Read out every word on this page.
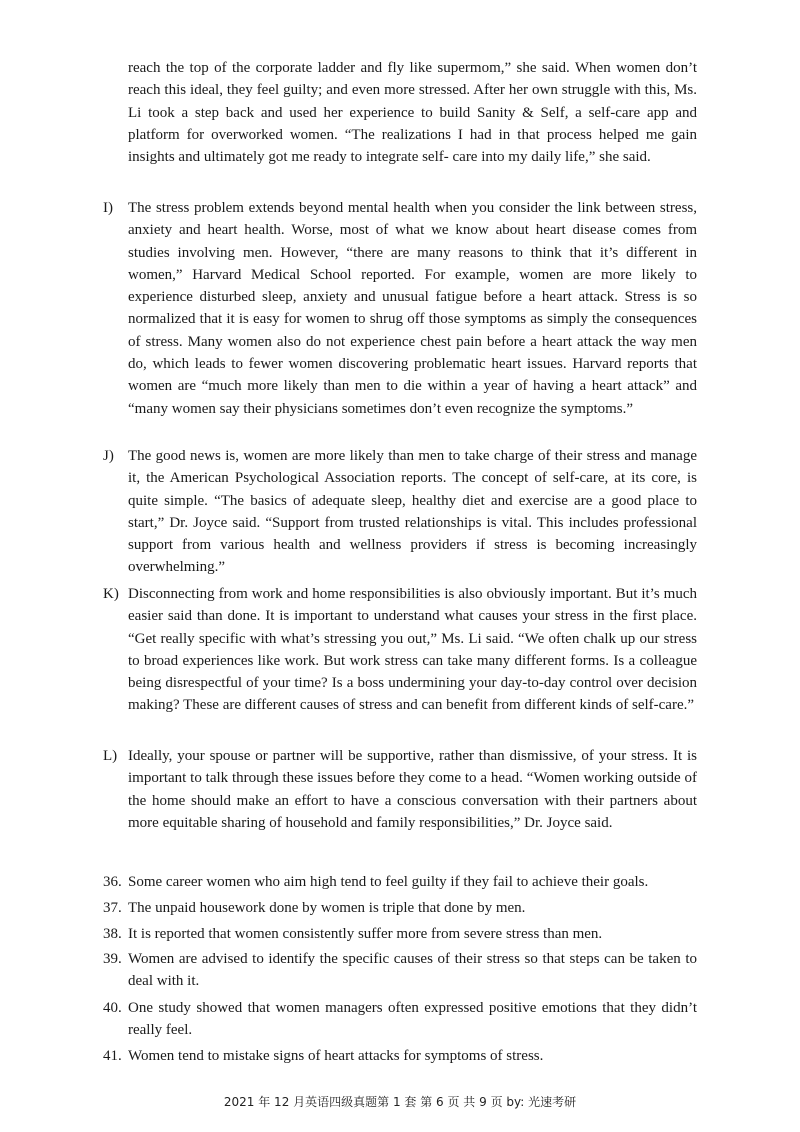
reach the top of the corporate ladder and fly like supermom,” she said. When women don’t reach this ideal, they feel guilty; and even more stressed. After her own struggle with this, Ms. Li took a step back and used her experience to build Sanity & Self, a self-care app and platform for overworked women. “The realizations I had in that process helped me gain insights and ultimately got me ready to integrate self- care into my daily life,” she said.
I) The stress problem extends beyond mental health when you consider the link between stress, anxiety and heart health. Worse, most of what we know about heart disease comes from studies involving men. However, “there are many reasons to think that it’s different in women,” Harvard Medical School reported. For example, women are more likely to experience disturbed sleep, anxiety and unusual fatigue before a heart attack. Stress is so normalized that it is easy for women to shrug off those symptoms as simply the consequences of stress. Many women also do not experience chest pain before a heart attack the way men do, which leads to fewer women discovering problematic heart issues. Harvard reports that women are “much more likely than men to die within a year of having a heart attack” and “many women say their physicians sometimes don’t even recognize the symptoms.”
J) The good news is, women are more likely than men to take charge of their stress and manage it, the American Psychological Association reports. The concept of self-care, at its core, is quite simple. “The basics of adequate sleep, healthy diet and exercise are a good place to start,” Dr. Joyce said. “Support from trusted relationships is vital. This includes professional support from various health and wellness providers if stress is becoming increasingly overwhelming.”
K) Disconnecting from work and home responsibilities is also obviously important. But it’s much easier said than done. It is important to understand what causes your stress in the first place. “Get really specific with what’s stressing you out,” Ms. Li said. “We often chalk up our stress to broad experiences like work. But work stress can take many different forms. Is a colleague being disrespectful of your time? Is a boss undermining your day-to-day control over decision making? These are different causes of stress and can benefit from different kinds of self-care.”
L) Ideally, your spouse or partner will be supportive, rather than dismissive, of your stress. It is important to talk through these issues before they come to a head. “Women working outside of the home should make an effort to have a conscious conversation with their partners about more equitable sharing of household and family responsibilities,” Dr. Joyce said.
36. Some career women who aim high tend to feel guilty if they fail to achieve their goals.
37. The unpaid housework done by women is triple that done by men.
38. It is reported that women consistently suffer more from severe stress than men.
39. Women are advised to identify the specific causes of their stress so that steps can be taken to deal with it.
40. One study showed that women managers often expressed positive emotions that they didn’t really feel.
41. Women tend to mistake signs of heart attacks for symptoms of stress.
2021 年 12 月英语四级真题第 1 套 第 6 页 共 9 页 by: 光速考研
